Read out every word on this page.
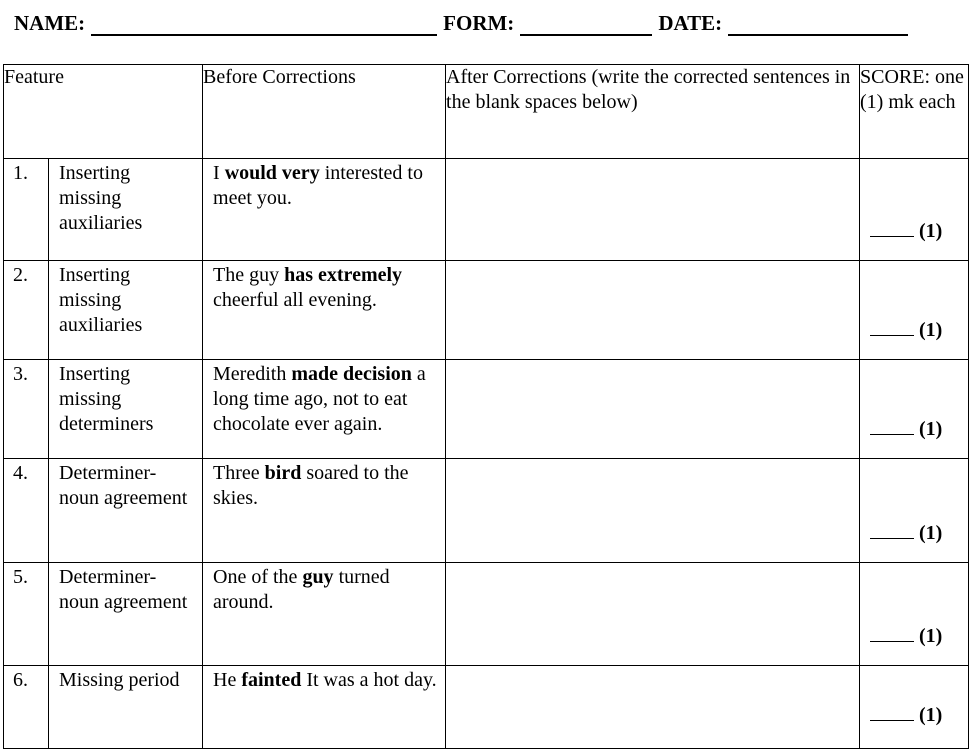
NAME:	FORM:	DATE:
Feature		Before Corrections	After Corrections (write the corrected sentences in the blank spaces below)	SCORE: one (1) mk each
1.	Inserting missing auxiliaries	I would very interested to meet you.		(1)

2.	Inserting missing auxiliaries	The guy has extremely cheerful all evening.		(1)

3.	Inserting missing determiners	Meredith made decision a long time ago, not to eat chocolate ever again.		(1)

4.	Determiner-noun agreement	Three bird soared to the skies.		(1)

5.	Determiner-noun agreement	One of the guy turned around.		(1)

6.	Missing period	He fainted It was a hot day.		(1)
